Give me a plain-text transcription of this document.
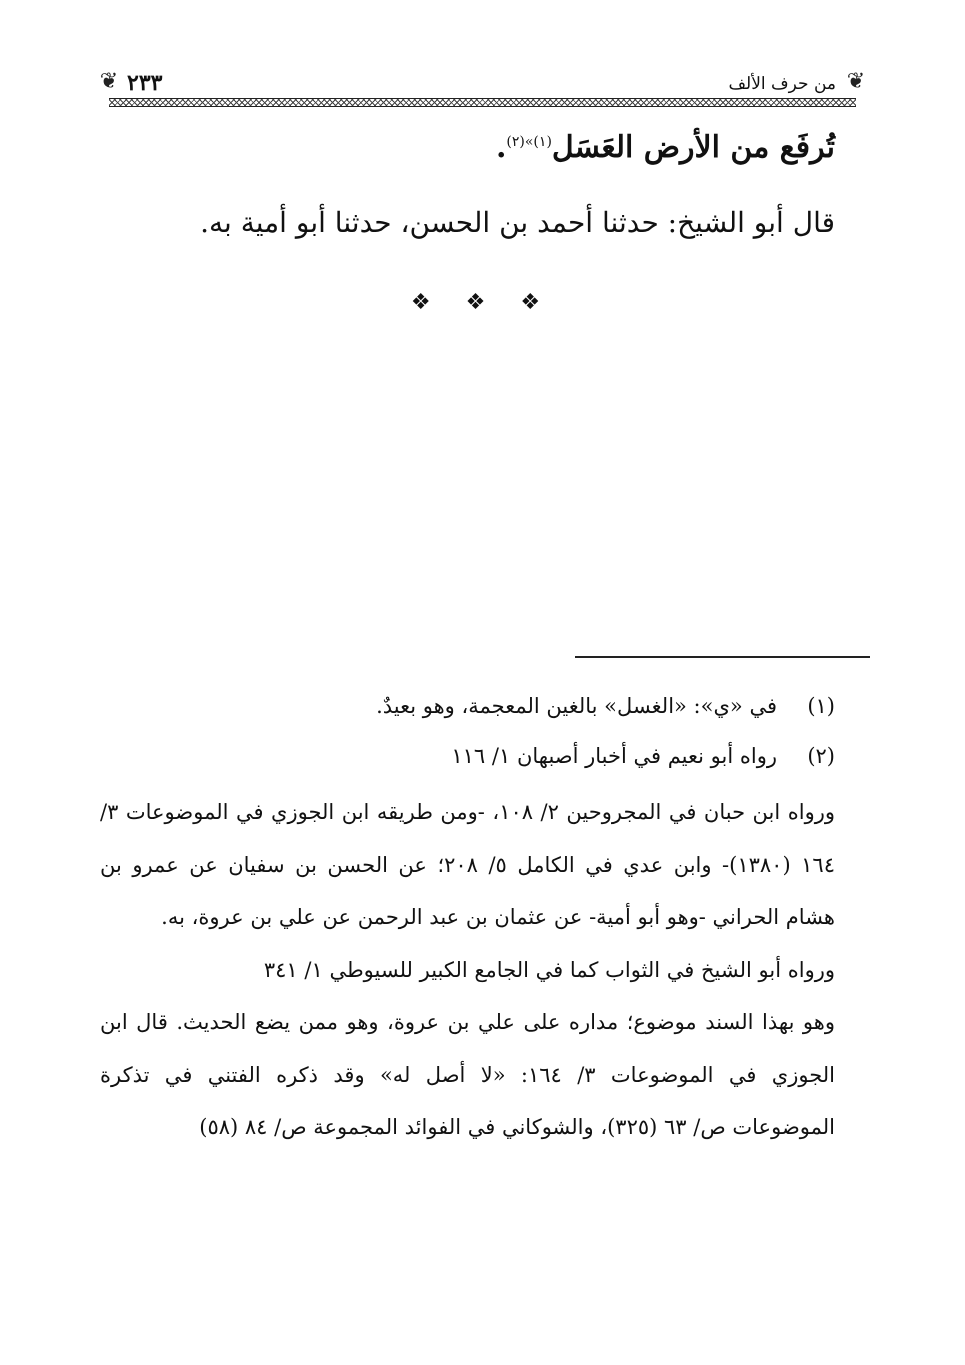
❦ ٢٣٣	من حرف الألف ❦
تُرفَع من الأرض العَسَل$^{(١)»(٢)}$.
قال أبو الشيخ: حدثنا أحمد بن الحسن، حدثنا أبو أمية به.
❖ ❖ ❖
(١)
في «ي»: «الغسل» بالغين المعجمة، وهو بعيدٌ.
(٢)
رواه أبو نعيم في أخبار أصبهان ١/ ١١٦
ورواه ابن حبان في المجروحين ٢/ ١٠٨، -ومن طريقه ابن الجوزي في الموضوعات ٣/ ١٦٤ (١٣٨٠)- وابن عدي في الكامل ٥/ ٢٠٨؛ عن الحسن بن سفيان عن عمرو بن هشام الحراني -وهو أبو أمية- عن عثمان بن عبد الرحمن عن علي بن عروة، به.
ورواه أبو الشيخ في الثواب كما في الجامع الكبير للسيوطي ١/ ٣٤١
وهو بهذا السند موضوع؛ مداره على علي بن عروة، وهو ممن يضع الحديث. قال ابن الجوزي في الموضوعات ٣/ ١٦٤: «لا أصل له» وقد ذكره الفتني في تذكرة الموضوعات ص/ ٦٣ (٣٢٥)، والشوكاني في الفوائد المجموعة ص/ ٨٤ (٥٨)
